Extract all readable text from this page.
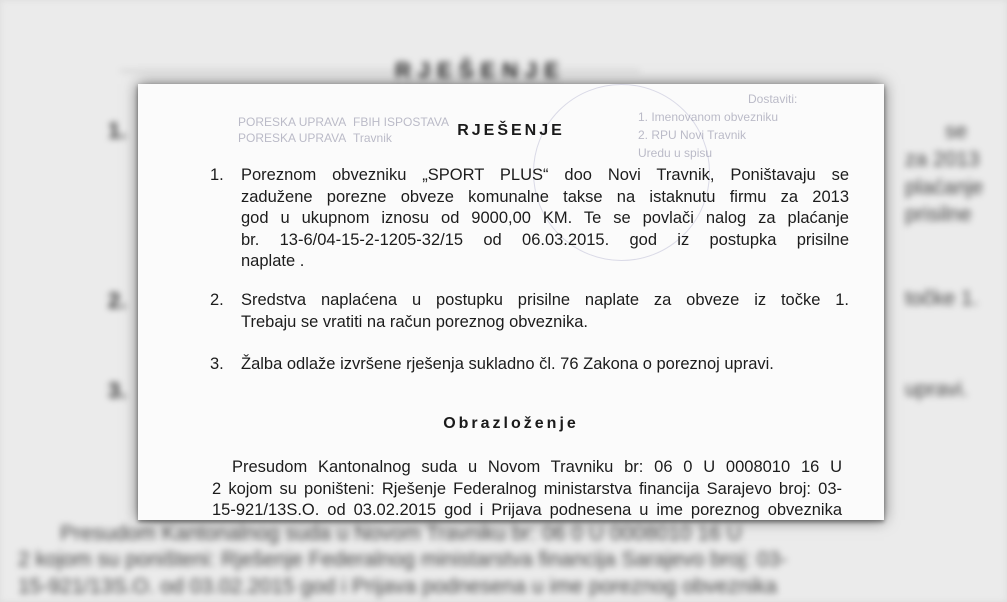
RJEŠENJE
1.
2.
3.
se
za 2013
plaćanje
prisilne
točke 1.
upravi.
Presudom Kantonalnog suda u Novom Travniku br: 06 0 U 0008010 16 U
2 kojom su poništeni: Rješenje Federalnog ministarstva financija Sarajevo broj: 03-
15-921/13S.O. od 03.02.2015 god i Prijava podnesena u ime poreznog obveznika
PORESKA UPRAVA
PORESKA UPRAVA
FBIH ISPOSTAVA
Travnik
Dostaviti:
1. Imenovanom obvezniku
2. RPU Novi Travnik
Uredu u spisu
RJEŠENJE
1. Poreznom obvezniku „SPORT PLUS“ doo Novi Travnik, Poništavaju se
zadužene porezne obveze komunalne takse na istaknutu firmu za 2013
god u ukupnom iznosu od 9000,00 KM. Te se povlači nalog za plaćanje
br. 13-6/04-15-2-1205-32/15 od 06.03.2015. god iz postupka prisilne
naplate .
2. Sredstva naplaćena u postupku prisilne naplate za obveze iz točke 1.
Trebaju se vratiti na račun poreznog obveznika.
3. Žalba odlaže izvršene rješenja sukladno čl. 76 Zakona o poreznoj upravi.
Obrazloženje
Presudom Kantonalnog suda u Novom Travniku br: 06 0 U 0008010 16 U
2 kojom su poništeni: Rješenje Federalnog ministarstva financija Sarajevo broj: 03-
15-921/13S.O. od 03.02.2015 god i Prijava podnesena u ime poreznog obveznika
